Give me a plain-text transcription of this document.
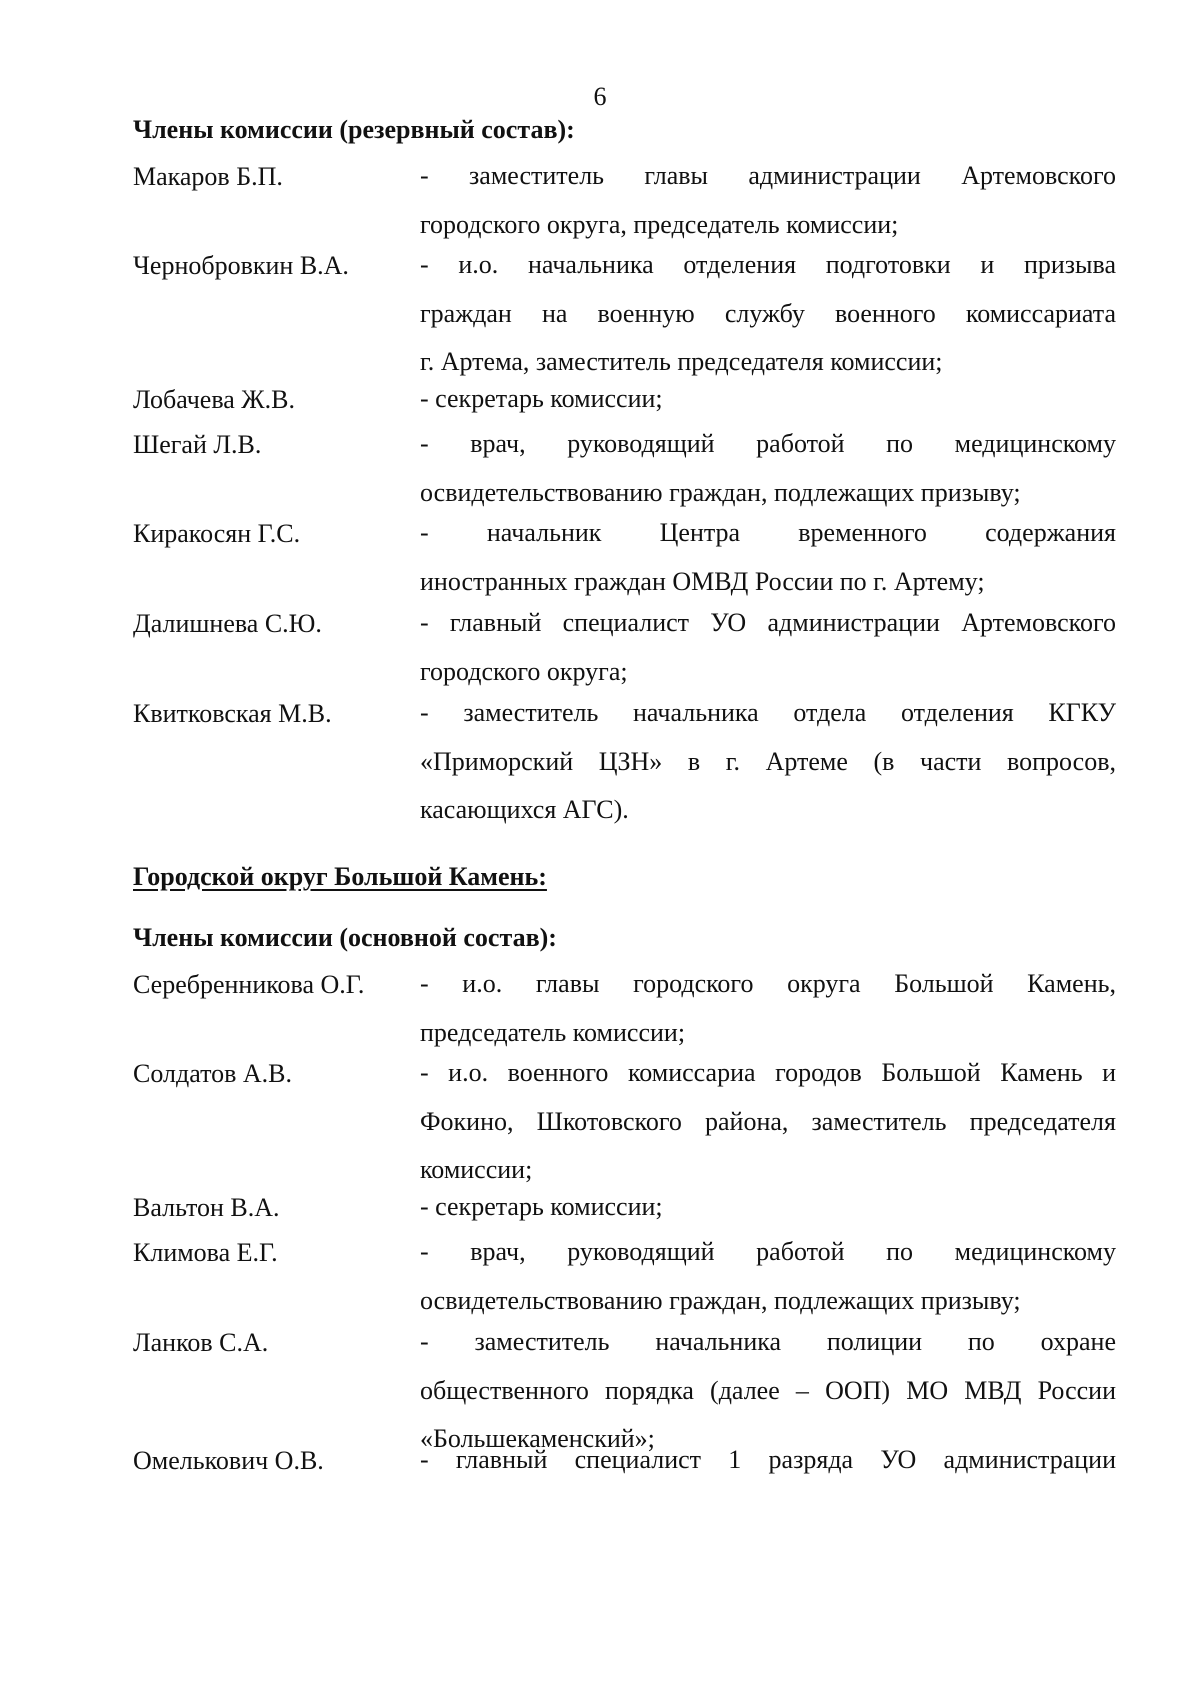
6
Члены комиссии (резервный состав):
Макаров Б.П.	- заместитель главы администрации Артемовского
городского округа, председатель комиссии;
Чернобровкин В.А.	- и.о. начальника отделения подготовки и призыва
граждан на военную службу военного комиссариата
г. Артема, заместитель председателя комиссии;
Лобачева Ж.В.	- секретарь комиссии;
Шегай Л.В.	- врач, руководящий работой по медицинскому
освидетельствованию граждан, подлежащих призыву;
Киракосян Г.С.	- начальник Центра временного содержания
иностранных граждан ОМВД России по г. Артему;
Далишнева С.Ю.	- главный специалист УО администрации Артемовского
городского округа;
Квитковская М.В.	- заместитель начальника отдела отделения КГКУ
«Приморский ЦЗН» в г. Артеме (в части вопросов,
касающихся АГС).
Городской округ Большой Камень:
Члены комиссии (основной состав):
Серебренникова О.Г. - и.о. главы городского округа Большой Камень,
председатель комиссии;
Солдатов А.В.	- и.о. военного комиссариа городов Большой Камень и
Фокино, Шкотовского района, заместитель председателя
комиссии;
Вальтон В.А.	- секретарь комиссии;
Климова Е.Г.	- врач, руководящий работой по медицинскому
освидетельствованию граждан, подлежащих призыву;
Ланков С.А.	- заместитель начальника полиции по охране
общественного порядка (далее – ООП) МО МВД России
«Большекаменский»;
Омелькович О.В.	- главный специалист 1 разряда УО администрации
